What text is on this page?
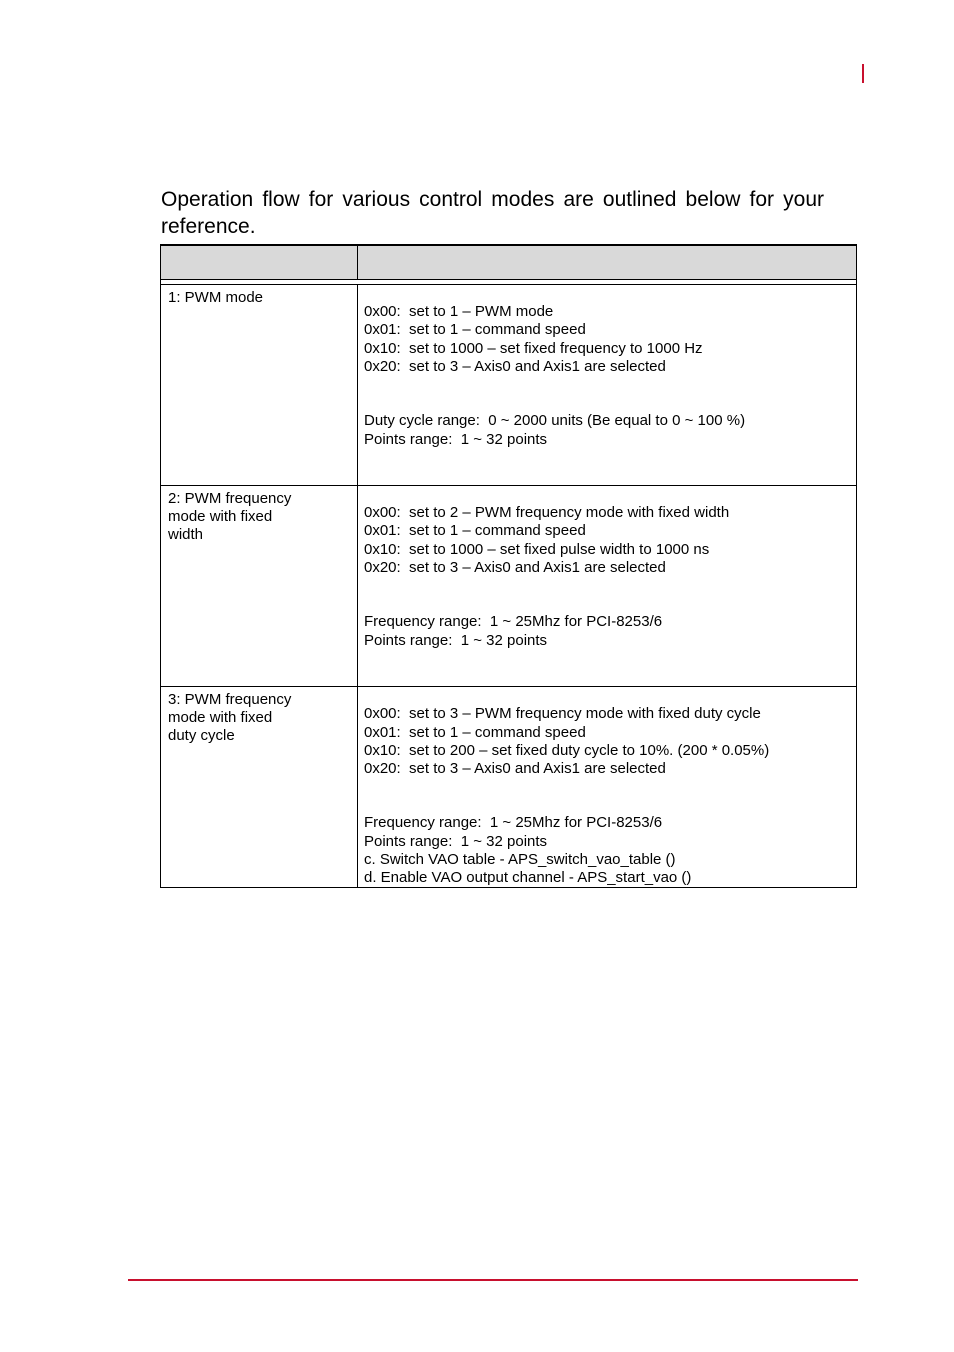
Operation flow for various control modes are outlined below for your reference.

1: PWM mode
0x00:  set to 1 – PWM mode
0x01:  set to 1 – command speed
0x10:  set to 1000 – set fixed frequency to 1000 Hz
0x20:  set to 3 – Axis0 and Axis1 are selected
Duty cycle range:  0 ~ 2000 units (Be equal to 0 ~ 100 %)
Points range:  1 ~ 32 points
2: PWM frequency
mode with fixed
width
0x00:  set to 2 – PWM frequency mode with fixed width
0x01:  set to 1 – command speed
0x10:  set to 1000 – set fixed pulse width to 1000 ns
0x20:  set to 3 – Axis0 and Axis1 are selected
Frequency range:  1 ~ 25Mhz for PCI-8253/6
Points range:  1 ~ 32 points
3: PWM frequency
mode with fixed
duty cycle
0x00:  set to 3 – PWM frequency mode with fixed duty cycle
0x01:  set to 1 – command speed
0x10:  set to 200 – set fixed duty cycle to 10%. (200 * 0.05%)
0x20:  set to 3 – Axis0 and Axis1 are selected
Frequency range:  1 ~ 25Mhz for PCI-8253/6
Points range:  1 ~ 32 points
c. Switch VAO table - APS_switch_vao_table ()
d. Enable VAO output channel - APS_start_vao ()
